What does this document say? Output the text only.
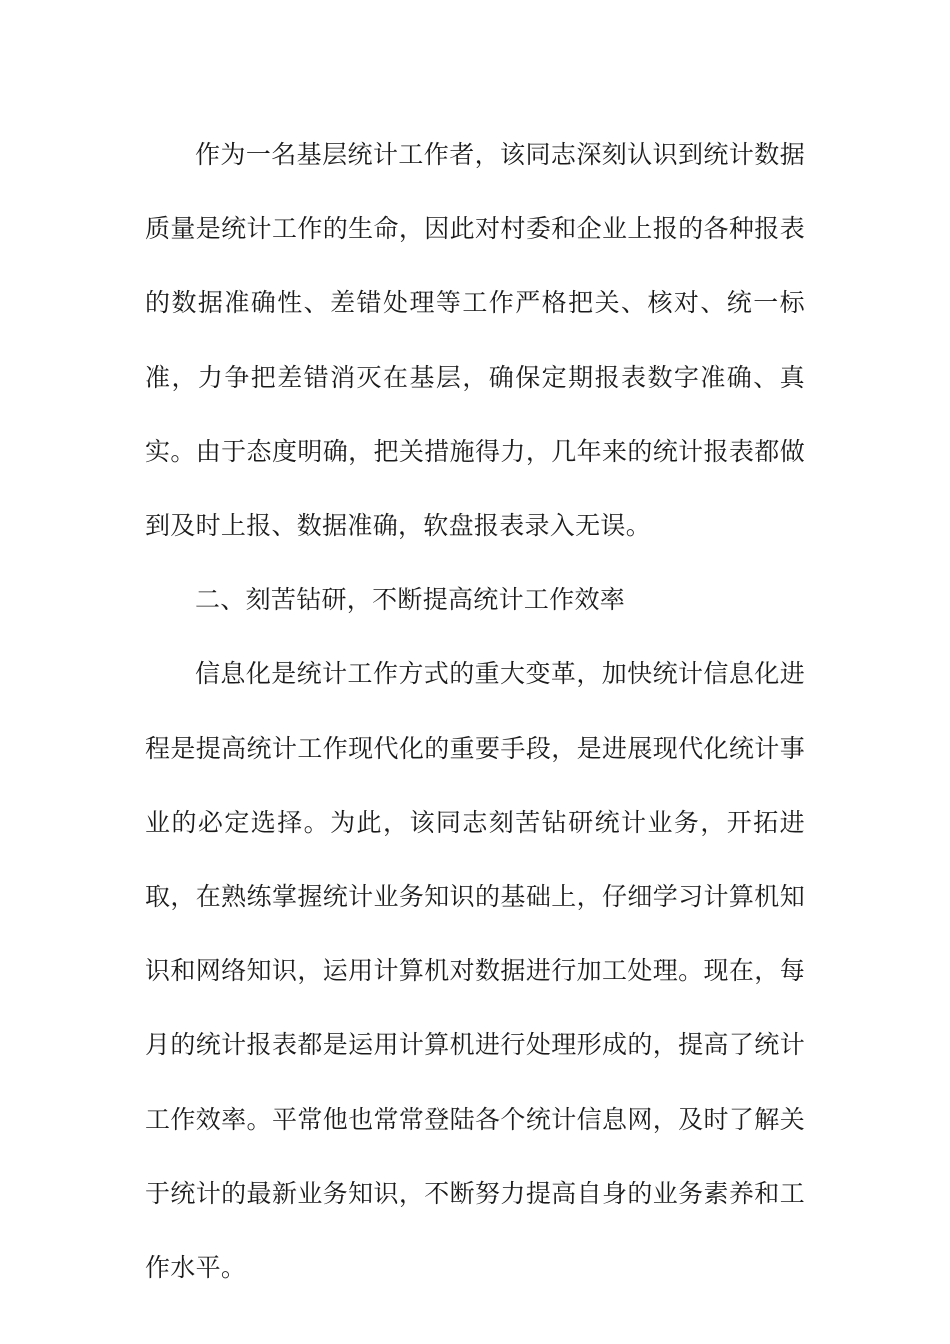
作为一名基层统计工作者，该同志深刻认识到统计数据质量是统计工作的生命，因此对村委和企业上报的各种报表的数据准确性、差错处理等工作严格把关、核对、统一标准，力争把差错消灭在基层，确保定期报表数字准确、真实。由于态度明确，把关措施得力，几年来的统计报表都做到及时上报、数据准确，软盘报表录入无误。

二、刻苦钻研，不断提高统计工作效率

信息化是统计工作方式的重大变革，加快统计信息化进程是提高统计工作现代化的重要手段，是进展现代化统计事业的必定选择。为此，该同志刻苦钻研统计业务，开拓进取，在熟练掌握统计业务知识的基础上，仔细学习计算机知识和网络知识，运用计算机对数据进行加工处理。现在，每月的统计报表都是运用计算机进行处理形成的，提高了统计工作效率。平常他也常常登陆各个统计信息网，及时了解关于统计的最新业务知识，不断努力提高自身的业务素养和工作水平。
